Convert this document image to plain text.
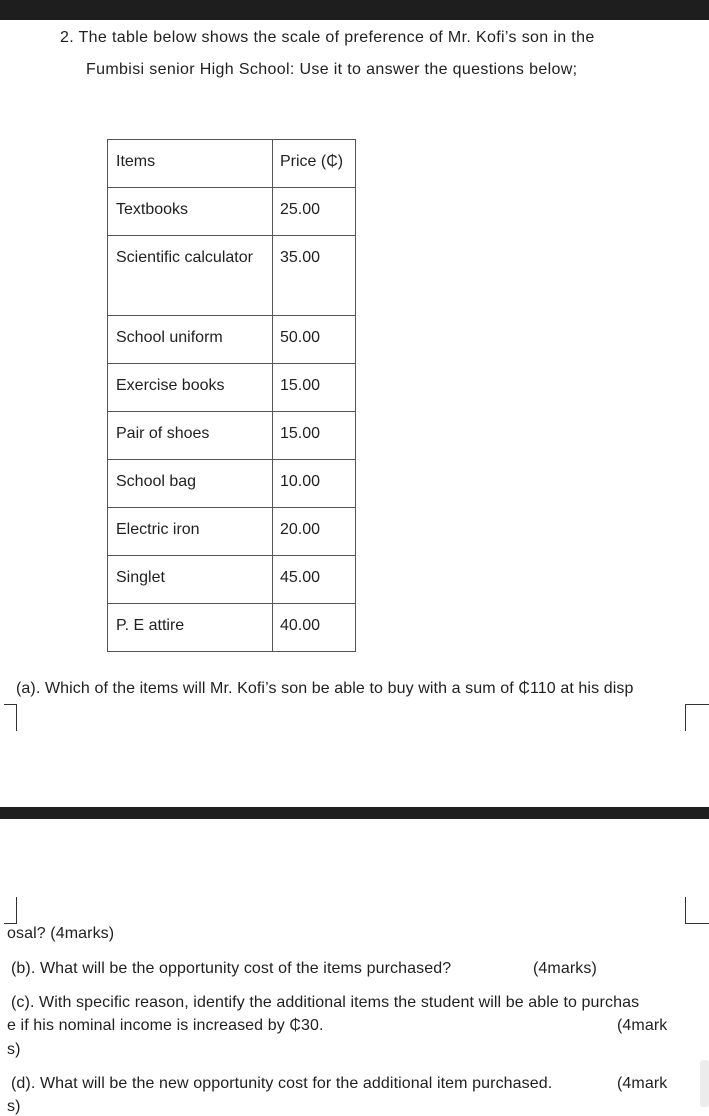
2. The table below shows the scale of preference of Mr. Kofi’s son in the
Fumbisi senior High School: Use it to answer the questions below;
Items	Price (₵)

Textbooks	25.00

Scientific calculator	35.00

School uniform	50.00

Exercise books	15.00

Pair of shoes	15.00

School bag	10.00

Electric iron	20.00

Singlet	45.00

P. E attire	40.00
(a). Which of the items will Mr. Kofi’s son be able to buy with a sum of ₵110 at his disp
osal? (4marks)
(b). What will be the opportunity cost of the items purchased?	(4marks)
(c). With specific reason, identify the additional items the student will be able to purchas
e if his nominal income is increased by ₵30.	(4mark
s)
(d). What will be the new opportunity cost for the additional item purchased.	(4mark
s)
